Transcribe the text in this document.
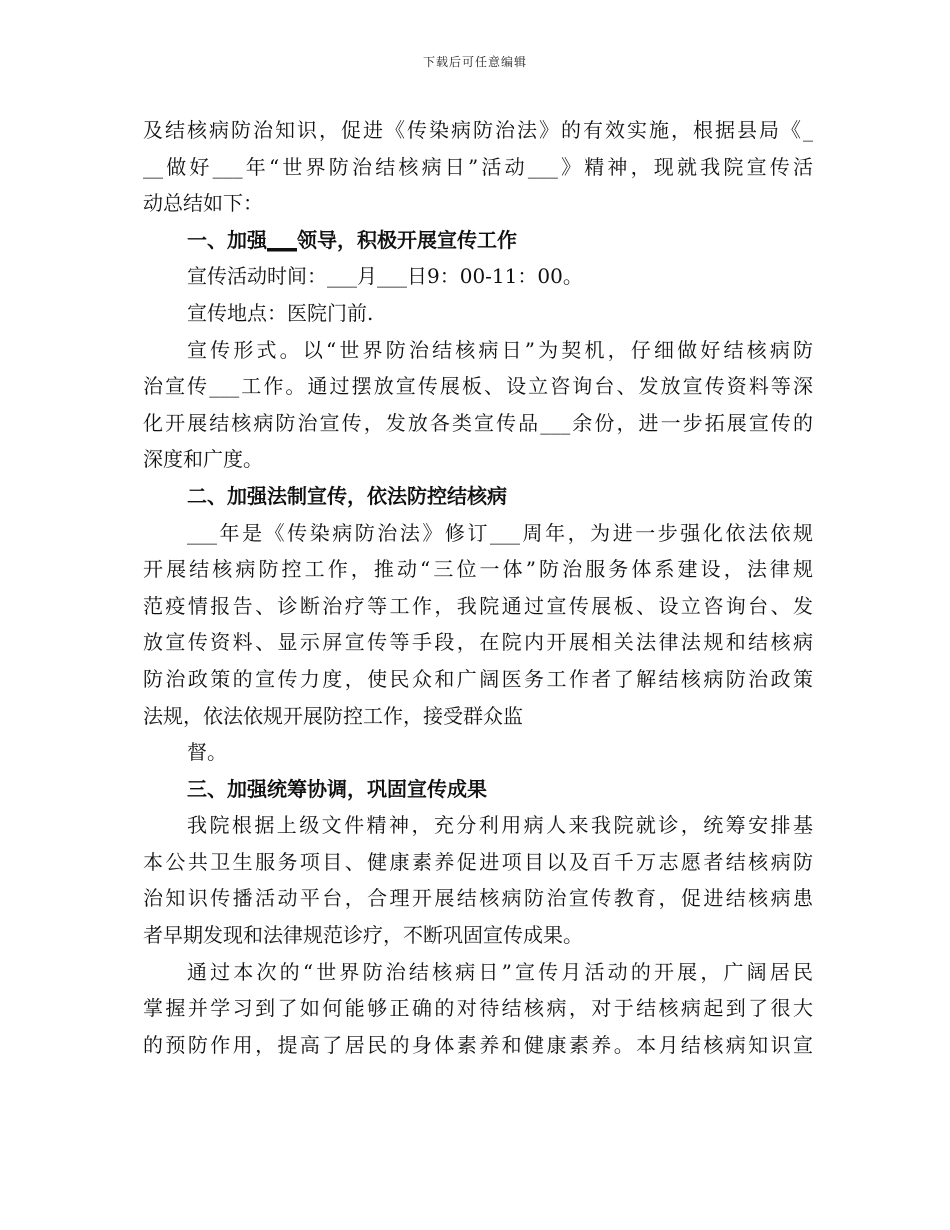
下载后可任意编辑
及结核病防治知识，促进《传染病防治法》的有效实施，根据县局《_
__做好___年“世界防治结核病日”活动___》精神，现就我院宣传活
动总结如下：
一、加强___领导，积极开展宣传工作
宣传活动时间：___月___日9：00-11：00。
宣传地点：医院门前.
宣传形式。以“世界防治结核病日”为契机，仔细做好结核病防
治宣传___工作。通过摆放宣传展板、设立咨询台、发放宣传资料等深
化开展结核病防治宣传，发放各类宣传品___余份，进一步拓展宣传的
深度和广度。
二、加强法制宣传，依法防控结核病
___年是《传染病防治法》修订___周年，为进一步强化依法依规
开展结核病防控工作，推动“三位一体”防治服务体系建设，法律规
范疫情报告、诊断治疗等工作，我院通过宣传展板、设立咨询台、发
放宣传资料、显示屏宣传等手段，在院内开展相关法律法规和结核病
防治政策的宣传力度，使民众和广阔医务工作者了解结核病防治政策
法规，依法依规开展防控工作，接受群众监
督。
三、加强统筹协调，巩固宣传成果
我院根据上级文件精神，充分利用病人来我院就诊，统筹安排基
本公共卫生服务项目、健康素养促进项目以及百千万志愿者结核病防
治知识传播活动平台，合理开展结核病防治宣传教育，促进结核病患
者早期发现和法律规范诊疗，不断巩固宣传成果。
通过本次的“世界防治结核病日”宣传月活动的开展，广阔居民
掌握并学习到了如何能够正确的对待结核病，对于结核病起到了很大
的预防作用，提高了居民的身体素养和健康素养。本月结核病知识宣
